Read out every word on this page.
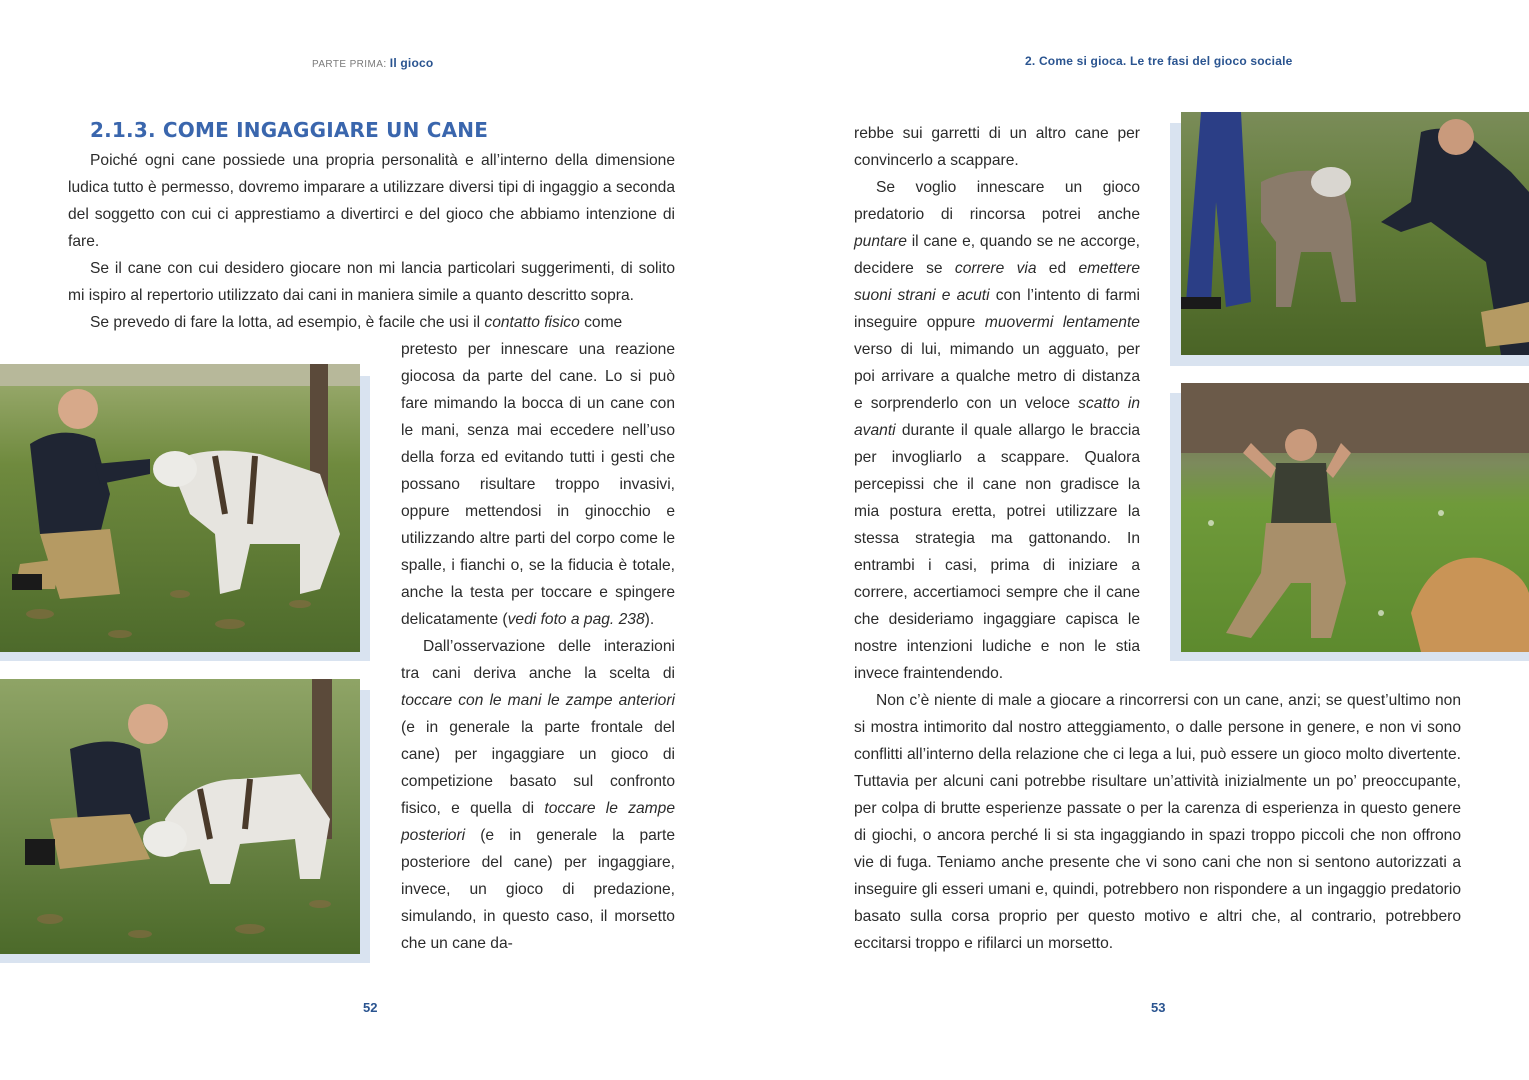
PARTE PRIMA: Il gioco
2.1.3. COME INGAGGIARE UN CANE

Poiché ogni cane possiede una propria personalità e all’interno della dimensione ludica tutto è permesso, dovremo imparare a utilizzare diversi tipi di ingaggio a seconda del soggetto con cui ci apprestiamo a divertirci e del gioco che abbiamo intenzione di fare.

Se il cane con cui desidero giocare non mi lancia particolari suggerimenti, di solito mi ispiro al repertorio utilizzato dai cani in maniera simile a quanto descritto sopra.

Se prevedo di fare la lotta, ad esempio, è facile che usi il contatto fisico come

pretesto per innescare una reazione giocosa da parte del cane. Lo si può fare mimando la bocca di un cane con le mani, senza mai eccedere nell’uso della forza ed evitando tutti i gesti che possano risultare troppo invasivi, oppure mettendosi in ginocchio e utilizzando altre parti del corpo come le spalle, i fianchi o, se la fiducia è totale, anche la testa per toccare e spingere delicatamente (vedi foto a pag. 238).

Dall’osservazione delle interazioni tra cani deriva anche la scelta di toccare con le mani le zampe anteriori (e in generale la parte frontale del cane) per ingaggiare un gioco di competizione basato sul confronto fisico, e quella di toccare le zampe posteriori (e in generale la parte posteriore del cane) per ingaggiare, invece, un gioco di predazione, simulando, in questo caso, il morsetto che un cane da-

52
2. Come si gioca. Le tre fasi del gioco sociale

rebbe sui garretti di un altro cane per convincerlo a scappare.

Se voglio innescare un gioco predatorio di rincorsa potrei anche puntare il cane e, quando se ne accorge, decidere se correre via ed emettere suoni strani e acuti con l’intento di farmi inseguire oppure muovermi lentamente verso di lui, mimando un agguato, per poi arrivare a qualche metro di distanza e sorprenderlo con un veloce scatto in avanti durante il quale allargo le braccia per invogliarlo a scappare. Qualora percepissi che il cane non gradisce la mia postura eretta, potrei utilizzare la stessa strategia ma gattonando. In entrambi i casi, prima di iniziare a correre, accertiamoci sempre che il cane che desideriamo ingaggiare capisca le nostre intenzioni ludiche e non le stia invece fraintendendo.

Non c’è niente di male a giocare a rincorrersi con un cane, anzi; se quest’ultimo non si mostra intimorito dal nostro atteggiamento, o dalle persone in genere, e non vi sono conflitti all’interno della relazione che ci lega a lui, può essere un gioco molto divertente. Tuttavia per alcuni cani potrebbe risultare un’attività inizialmente un po’ preoccupante, per colpa di brutte esperienze passate o per la carenza di esperienza in questo genere di giochi, o ancora perché li si sta ingaggiando in spazi troppo piccoli che non offrono vie di fuga. Teniamo anche presente che vi sono cani che non si sentono autorizzati a inseguire gli esseri umani e, quindi, potrebbero non rispondere a un ingaggio predatorio basato sulla corsa proprio per questo motivo e altri che, al contrario, potrebbero eccitarsi troppo e rifilarci un morsetto.

53
